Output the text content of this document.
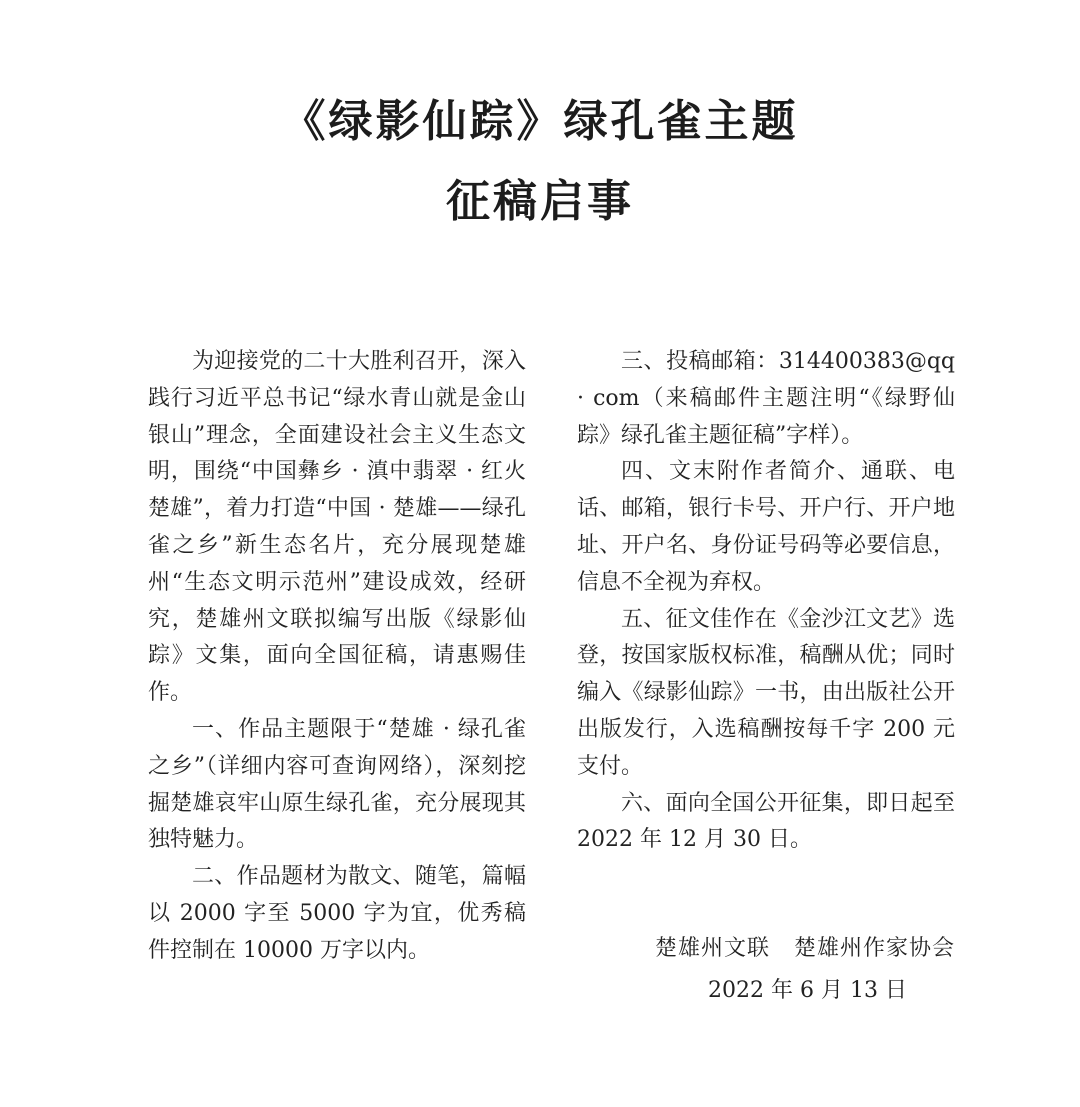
《绿影仙踪》绿孔雀主题
征稿启事

为迎接党的二十大胜利召开，深入践行习近平总书记“绿水青山就是金山银山”理念，全面建设社会主义生态文明，围绕“中国彝乡 · 滇中翡翠 · 红火楚雄”，着力打造“中国 · 楚雄——绿孔雀之乡”新生态名片，充分展现楚雄州“生态文明示范州”建设成效，经研究，楚雄州文联拟编写出版《绿影仙踪》文集，面向全国征稿，请惠赐佳作。

一、作品主题限于“楚雄 · 绿孔雀之乡”（详细内容可查询网络），深刻挖掘楚雄哀牢山原生绿孔雀，充分展现其独特魅力。

二、作品题材为散文、随笔，篇幅以 2000 字至 5000 字为宜，优秀稿件控制在 10000 万字以内。

三、投稿邮箱：314400383@qq · com（来稿邮件主题注明“《绿野仙踪》绿孔雀主题征稿”字样）。

四、文末附作者简介、通联、电话、邮箱，银行卡号、开户行、开户地址、开户名、身份证号码等必要信息，信息不全视为弃权。

五、征文佳作在《金沙江文艺》选登，按国家版权标准，稿酬从优；同时编入《绿影仙踪》一书，由出版社公开出版发行，入选稿酬按每千字 200 元支付。

六、面向全国公开征集，即日起至 2022 年 12 月 30 日。

楚雄州文联   楚雄州作家协会
2022 年 6 月 13 日
